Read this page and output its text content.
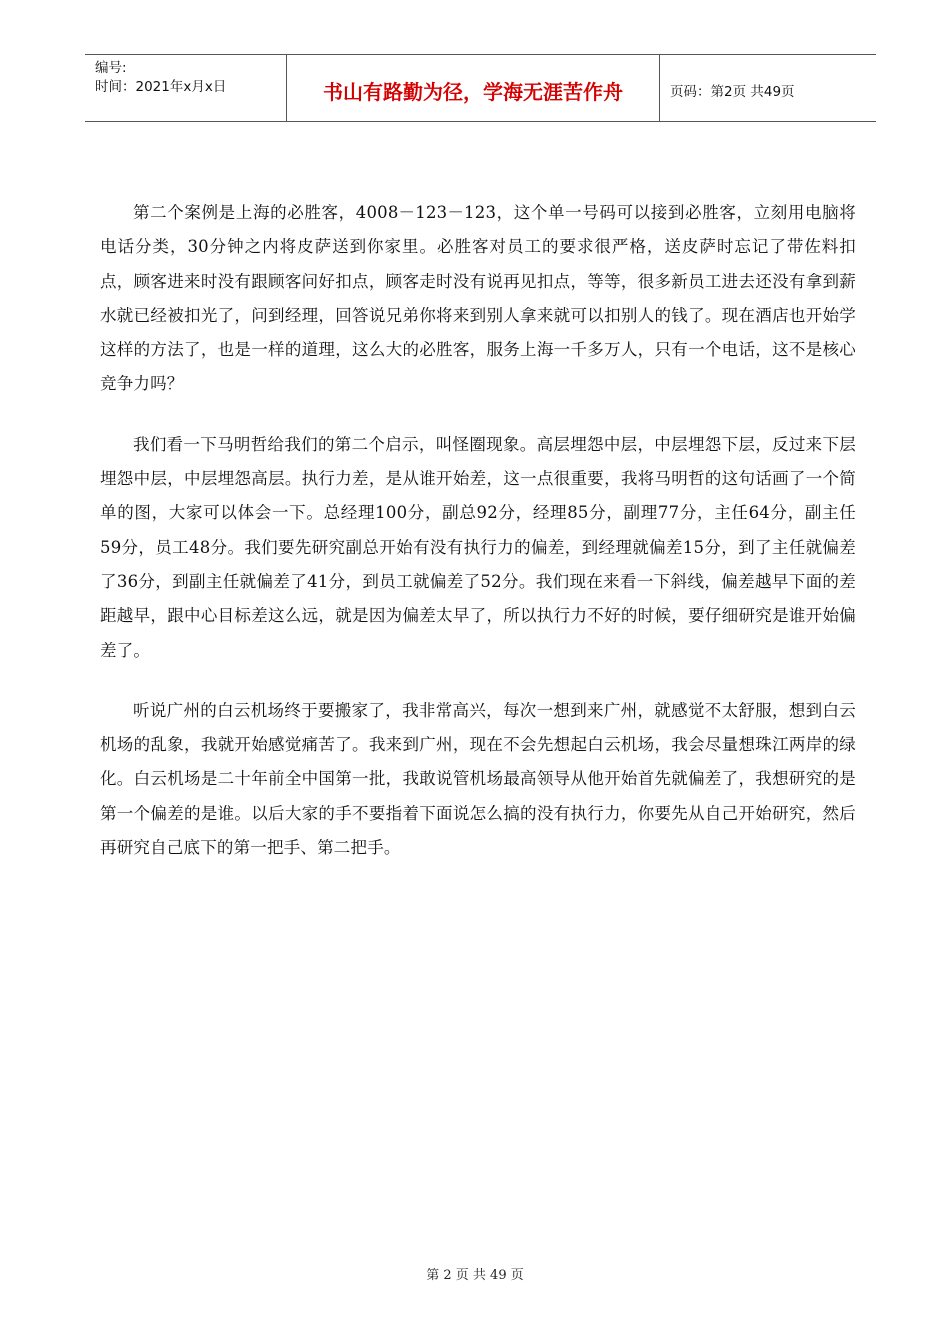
编号:
时间：2021年x月x日	书山有路勤为径，学海无涯苦作舟	页码：第2页 共49页

第二个案例是上海的必胜客，4008－123－123，这个单一号码可以接到必胜客，立刻用电脑将电话分类，30分钟之内将皮萨送到你家里。必胜客对员工的要求很严格，送皮萨时忘记了带佐料扣点，顾客进来时没有跟顾客问好扣点，顾客走时没有说再见扣点，等等，很多新员工进去还没有拿到薪水就已经被扣光了，问到经理，回答说兄弟你将来到别人拿来就可以扣别人的钱了。现在酒店也开始学这样的方法了，也是一样的道理，这么大的必胜客，服务上海一千多万人，只有一个电话，这不是核心竞争力吗？

我们看一下马明哲给我们的第二个启示，叫怪圈现象。高层埋怨中层，中层埋怨下层，反过来下层埋怨中层，中层埋怨高层。执行力差，是从谁开始差，这一点很重要，我将马明哲的这句话画了一个简单的图，大家可以体会一下。总经理100分，副总92分，经理85分，副理77分，主任64分，副主任59分，员工48分。我们要先研究副总开始有没有执行力的偏差，到经理就偏差15分，到了主任就偏差了36分，到副主任就偏差了41分，到员工就偏差了52分。我们现在来看一下斜线，偏差越早下面的差距越早，跟中心目标差这么远，就是因为偏差太早了，所以执行力不好的时候，要仔细研究是谁开始偏差了。

听说广州的白云机场终于要搬家了，我非常高兴，每次一想到来广州，就感觉不太舒服，想到白云机场的乱象，我就开始感觉痛苦了。我来到广州，现在不会先想起白云机场，我会尽量想珠江两岸的绿化。白云机场是二十年前全中国第一批，我敢说管机场最高领导从他开始首先就偏差了，我想研究的是第一个偏差的是谁。以后大家的手不要指着下面说怎么搞的没有执行力，你要先从自己开始研究，然后再研究自己底下的第一把手、第二把手。

第 2 页 共 49 页
